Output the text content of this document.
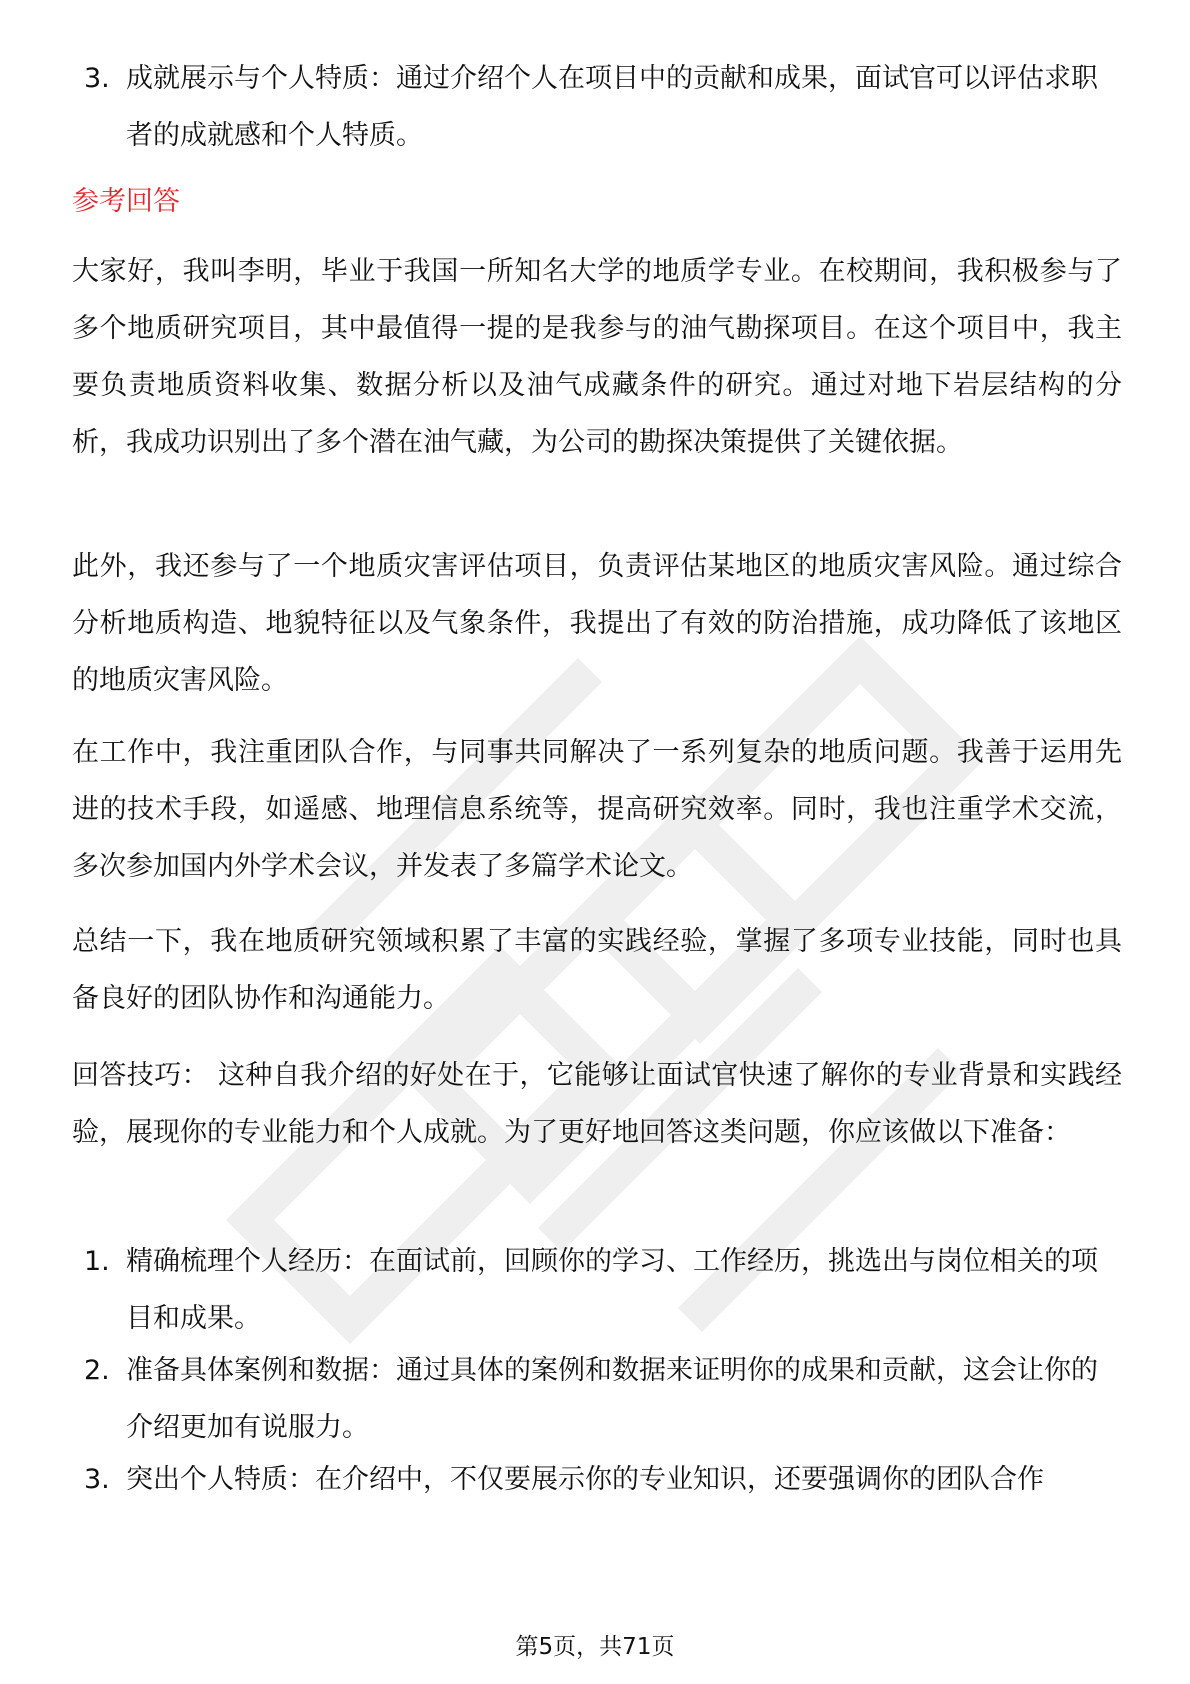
3. 成就展示与个人特质：通过介绍个人在项目中的贡献和成果，面试官可以评估求职者的成就感和个人特质。
参考回答
大家好，我叫李明，毕业于我国一所知名大学的地质学专业。在校期间，我积极参与了多个地质研究项目，其中最值得一提的是我参与的油气勘探项目。在这个项目中，我主要负责地质资料收集、数据分析以及油气成藏条件的研究。通过对地下岩层结构的分析，我成功识别出了多个潜在油气藏，为公司的勘探决策提供了关键依据。
此外，我还参与了一个地质灾害评估项目，负责评估某地区的地质灾害风险。通过综合分析地质构造、地貌特征以及气象条件，我提出了有效的防治措施，成功降低了该地区的地质灾害风险。
在工作中，我注重团队合作，与同事共同解决了一系列复杂的地质问题。我善于运用先进的技术手段，如遥感、地理信息系统等，提高研究效率。同时，我也注重学术交流，多次参加国内外学术会议，并发表了多篇学术论文。
总结一下，我在地质研究领域积累了丰富的实践经验，掌握了多项专业技能，同时也具备良好的团队协作和沟通能力。
回答技巧： 这种自我介绍的好处在于，它能够让面试官快速了解你的专业背景和实践经验，展现你的专业能力和个人成就。为了更好地回答这类问题，你应该做以下准备：
1. 精确梳理个人经历：在面试前，回顾你的学习、工作经历，挑选出与岗位相关的项目和成果。
2. 准备具体案例和数据：通过具体的案例和数据来证明你的成果和贡献，这会让你的介绍更加有说服力。
3. 突出个人特质：在介绍中，不仅要展示你的专业知识，还要强调你的团队合作
第5页，共71页
